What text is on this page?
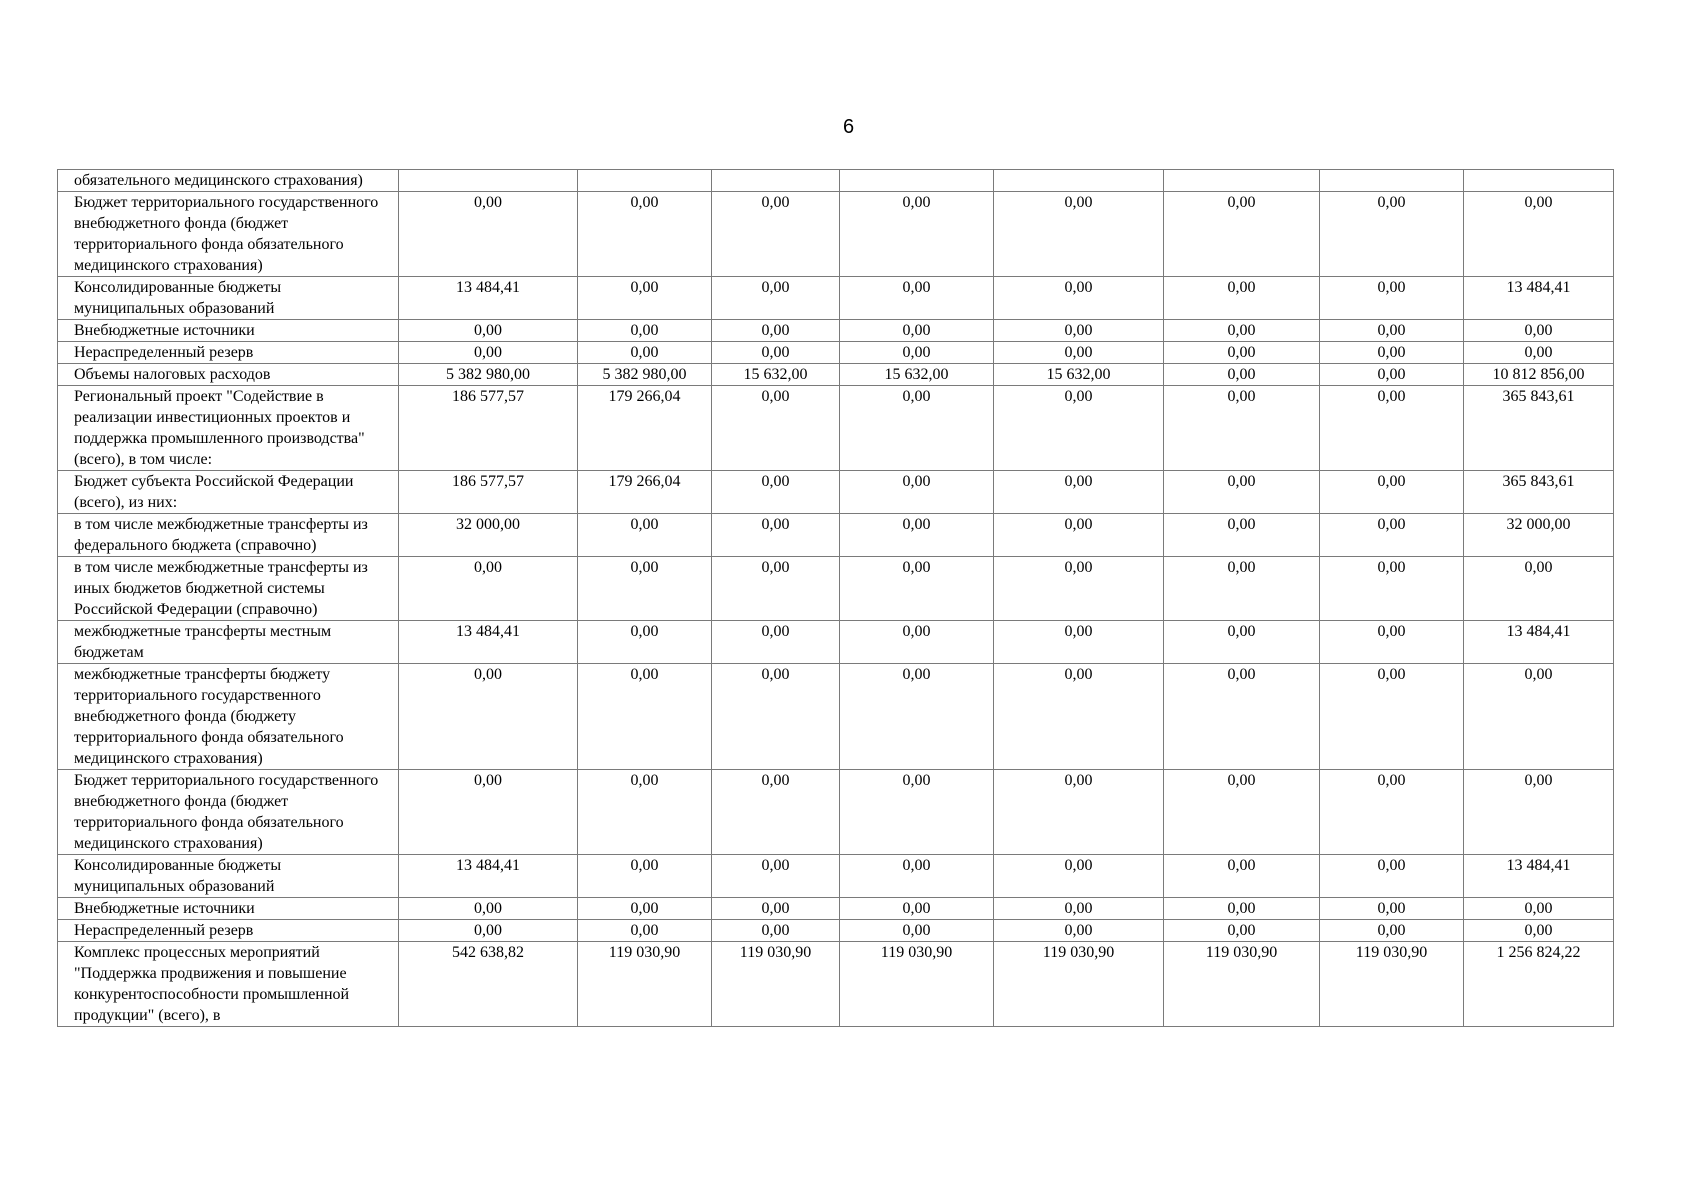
6
обязательного медицинского страхования)								
Бюджет территориального государственного внебюджетного фонда (бюджет территориального фонда обязательного медицинского страхования)	0,00	0,00	0,00	0,00	0,00	0,00	0,00	0,00
Консолидированные бюджеты муниципальных образований	13 484,41	0,00	0,00	0,00	0,00	0,00	0,00	13 484,41
Внебюджетные источники	0,00	0,00	0,00	0,00	0,00	0,00	0,00	0,00
Нераспределенный резерв	0,00	0,00	0,00	0,00	0,00	0,00	0,00	0,00
Объемы налоговых расходов	5 382 980,00	5 382 980,00	15 632,00	15 632,00	15 632,00	0,00	0,00	10 812 856,00
Региональный проект "Содействие в реализации инвестиционных проектов и поддержка промышленного производства" (всего), в том числе:	186 577,57	179 266,04	0,00	0,00	0,00	0,00	0,00	365 843,61
Бюджет субъекта Российской Федерации (всего), из них:	186 577,57	179 266,04	0,00	0,00	0,00	0,00	0,00	365 843,61
в том числе межбюджетные трансферты из федерального бюджета (справочно)	32 000,00	0,00	0,00	0,00	0,00	0,00	0,00	32 000,00
в том числе межбюджетные трансферты из иных бюджетов бюджетной системы Российской Федерации (справочно)	0,00	0,00	0,00	0,00	0,00	0,00	0,00	0,00
межбюджетные трансферты местным бюджетам	13 484,41	0,00	0,00	0,00	0,00	0,00	0,00	13 484,41
межбюджетные трансферты бюджету территориального государственного внебюджетного фонда (бюджету территориального фонда обязательного медицинского страхования)	0,00	0,00	0,00	0,00	0,00	0,00	0,00	0,00
Бюджет территориального государственного внебюджетного фонда (бюджет территориального фонда обязательного медицинского страхования)	0,00	0,00	0,00	0,00	0,00	0,00	0,00	0,00
Консолидированные бюджеты муниципальных образований	13 484,41	0,00	0,00	0,00	0,00	0,00	0,00	13 484,41
Внебюджетные источники	0,00	0,00	0,00	0,00	0,00	0,00	0,00	0,00
Нераспределенный резерв	0,00	0,00	0,00	0,00	0,00	0,00	0,00	0,00
Комплекс процессных мероприятий "Поддержка продвижения и повышение конкурентоспособности промышленной продукции" (всего), в	542 638,82	119 030,90	119 030,90	119 030,90	119 030,90	119 030,90	119 030,90	1 256 824,22
